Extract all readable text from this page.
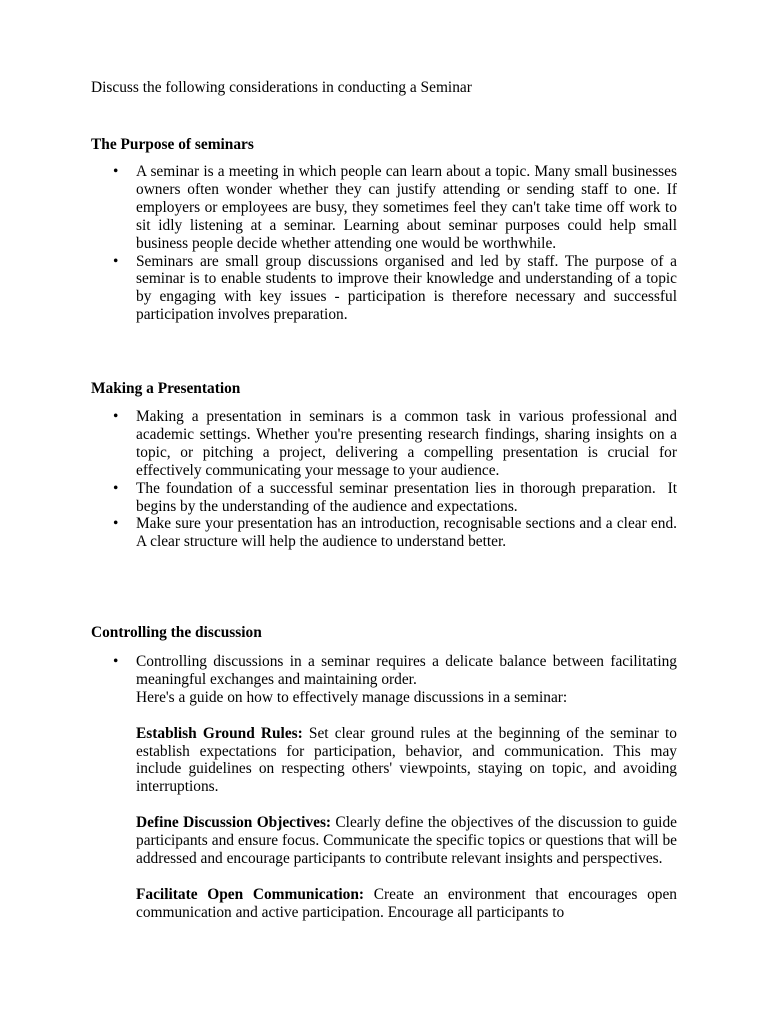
Discuss the following considerations in conducting a Seminar

The Purpose of seminars

• A seminar is a meeting in which people can learn about a topic. Many small businesses owners often wonder whether they can justify attending or sending staff to one. If employers or employees are busy, they sometimes feel they can't take time off work to sit idly listening at a seminar. Learning about seminar purposes could help small business people decide whether attending one would be worthwhile.
• Seminars are small group discussions organised and led by staff. The purpose of a seminar is to enable students to improve their knowledge and understanding of a topic by engaging with key issues - participation is therefore necessary and successful participation involves preparation.

Making a Presentation

• Making a presentation in seminars is a common task in various professional and academic settings. Whether you're presenting research findings, sharing insights on a topic, or pitching a project, delivering a compelling presentation is crucial for effectively communicating your message to your audience.
• The foundation of a successful seminar presentation lies in thorough preparation.  It begins by the understanding of the audience and expectations.
• Make sure your presentation has an introduction, recognisable sections and a clear end. A clear structure will help the audience to understand better.

Controlling the discussion

• Controlling discussions in a seminar requires a delicate balance between facilitating meaningful exchanges and maintaining order.

Here's a guide on how to effectively manage discussions in a seminar:

Establish Ground Rules: Set clear ground rules at the beginning of the seminar to establish expectations for participation, behavior, and communication. This may include guidelines on respecting others' viewpoints, staying on topic, and avoiding interruptions.

Define Discussion Objectives: Clearly define the objectives of the discussion to guide participants and ensure focus. Communicate the specific topics or questions that will be addressed and encourage participants to contribute relevant insights and perspectives.

Facilitate Open Communication: Create an environment that encourages open communication and active participation. Encourage all participants to
